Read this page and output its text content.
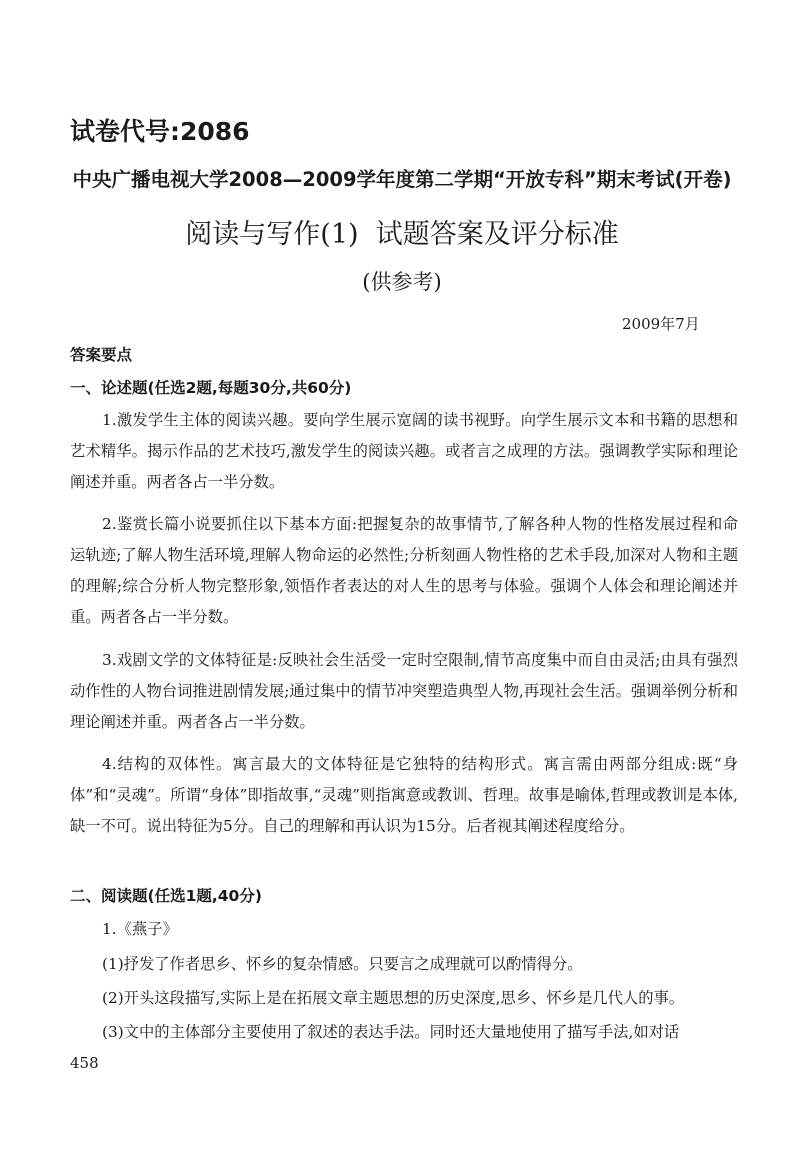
试卷代号:2086
中央广播电视大学2008—2009学年度第二学期“开放专科”期末考试(开卷)
阅读与写作(1)  试题答案及评分标准
(供参考)
2009年7月
答案要点
一、论述题(任选2题,每题30分,共60分)
1.激发学生主体的阅读兴趣。要向学生展示宽阔的读书视野。向学生展示文本和书籍的思想和艺术精华。揭示作品的艺术技巧,激发学生的阅读兴趣。或者言之成理的方法。强调教学实际和理论阐述并重。两者各占一半分数。
2.鉴赏长篇小说要抓住以下基本方面:把握复杂的故事情节,了解各种人物的性格发展过程和命运轨迹;了解人物生活环境,理解人物命运的必然性;分析刻画人物性格的艺术手段,加深对人物和主题的理解;综合分析人物完整形象,领悟作者表达的对人生的思考与体验。强调个人体会和理论阐述并重。两者各占一半分数。
3.戏剧文学的文体特征是:反映社会生活受一定时空限制,情节高度集中而自由灵活;由具有强烈动作性的人物台词推进剧情发展;通过集中的情节冲突塑造典型人物,再现社会生活。强调举例分析和理论阐述并重。两者各占一半分数。
4.结构的双体性。寓言最大的文体特征是它独特的结构形式。寓言需由两部分组成:既“身体”和“灵魂”。所谓“身体”即指故事,“灵魂”则指寓意或教训、哲理。故事是喻体,哲理或教训是本体,缺一不可。说出特征为5分。自己的理解和再认识为15分。后者视其阐述程度给分。
二、阅读题(任选1题,40分)
1.《燕子》
(1)抒发了作者思乡、怀乡的复杂情感。只要言之成理就可以酌情得分。
(2)开头这段描写,实际上是在拓展文章主题思想的历史深度,思乡、怀乡是几代人的事。
(3)文中的主体部分主要使用了叙述的表达手法。同时还大量地使用了描写手法,如对话
458
